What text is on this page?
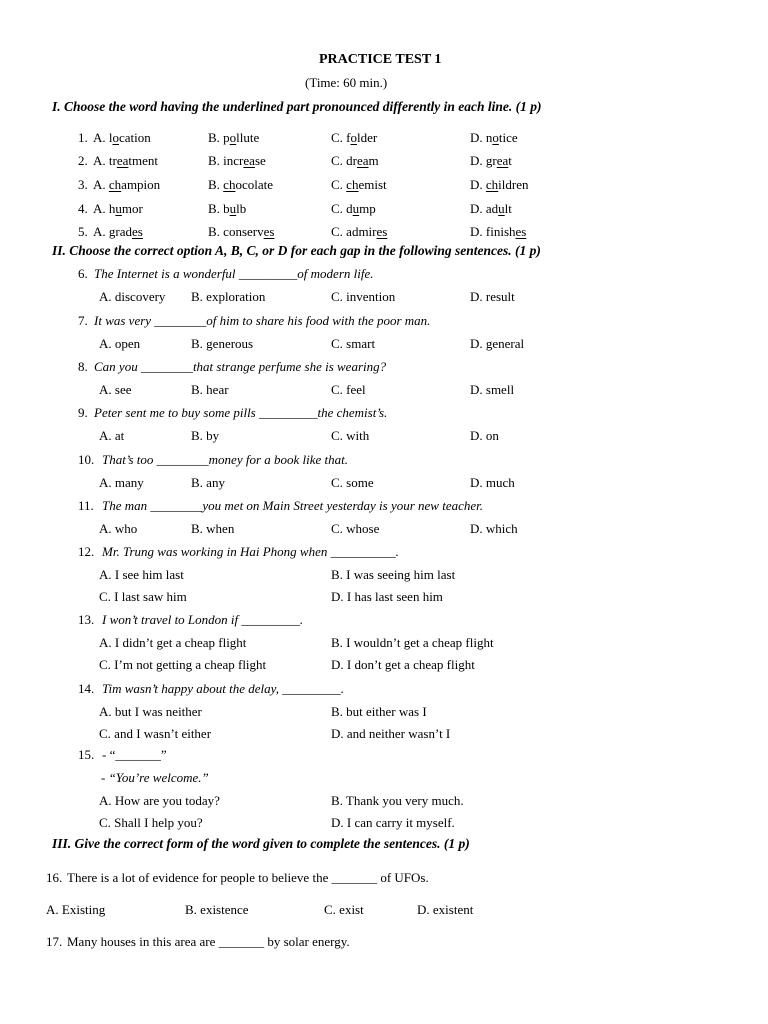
PRACTICE TEST 1
(Time: 60 min.)
I. Choose the word having the underlined part pronounced differently in each line. (1 p)
1. A. location	B. pollute	C. folder	D. notice
2. A. treatment	B. increase	C. dream	D. great
3. A. champion	B. chocolate	C. chemist	D. children
4. A. humor	B. bulb	C. dump	D. adult
5. A. grades	B. conserves	C. admires	D. finishes
II. Choose the correct option A, B, C, or D for each gap in the following sentences. (1 p)
6. The Internet is a wonderful _________of modern life.
A. discovery B. exploration	C. invention	D. result
7. It was very ________of him to share his food with the poor man.
A. open	B. generous	C. smart	D. general
8. Can you ________that strange perfume she is wearing?
A. see	B. hear	C. feel	D. smell
9. Peter sent me to buy some pills _________the chemist’s.
A. at	B. by	C. with	D. on
10. That’s too ________money for a book like that.
A. many	B. any	C. some	D. much
11. The man ________you met on Main Street yesterday is your new teacher.
A. who	B. when	C. whose	D. which
12. Mr. Trung was working in Hai Phong when __________.
A. I see him last	B. I was seeing him last
C. I last saw him	D. I has last seen him
13. I won’t travel to London if _________.
A. I didn’t get a cheap flight	B. I wouldn’t get a cheap flight
C. I’m not getting a cheap flight	D. I don’t get a cheap flight
14. Tim wasn’t happy about the delay, _________.
A. but I was neither	B. but either was I
C. and I wasn’t either	D. and neither wasn’t I
15. - “_______”
- “You’re welcome.”
A. How are you today?	B. Thank you very much.
C. Shall I help you?	D. I can carry it myself.
III. Give the correct form of the word given to complete the sentences. (1 p)
16. There is a lot of evidence for people to believe the _______ of UFOs.
A. Existing	B. existence	C. exist	D. existent
17. Many houses in this area are _______ by solar energy.
